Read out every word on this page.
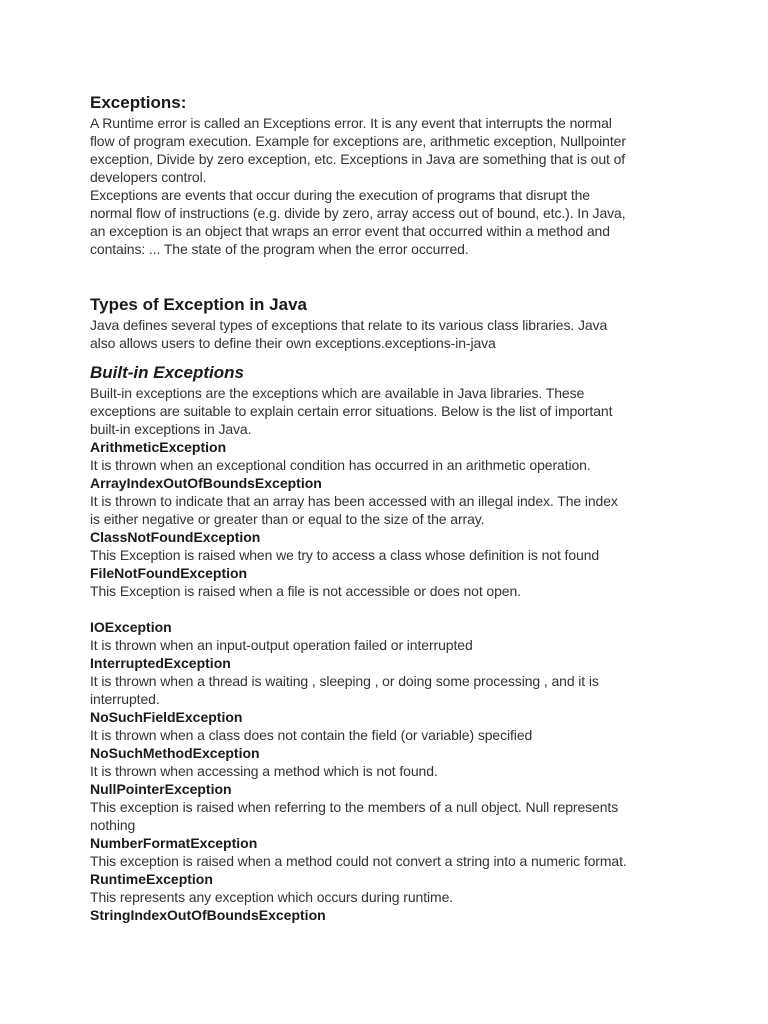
Exceptions:

A Runtime error is called an Exceptions error. It is any event that interrupts the normal

flow of program execution. Example for exceptions are, arithmetic exception, Nullpointer

exception, Divide by zero exception, etc. Exceptions in Java are something that is out of

developers control.

Exceptions are events that occur during the execution of programs that disrupt the

normal flow of instructions (e.g. divide by zero, array access out of bound, etc.). In Java,

an exception is an object that wraps an error event that occurred within a method and

contains: ... The state of the program when the error occurred.

Types of Exception in Java

Java defines several types of exceptions that relate to its various class libraries. Java

also allows users to define their own exceptions.exceptions-in-java

Built-in Exceptions

Built-in exceptions are the exceptions which are available in Java libraries. These

exceptions are suitable to explain certain error situations. Below is the list of important

built-in exceptions in Java.

ArithmeticException

It is thrown when an exceptional condition has occurred in an arithmetic operation.

ArrayIndexOutOfBoundsException

It is thrown to indicate that an array has been accessed with an illegal index. The index

is either negative or greater than or equal to the size of the array.

ClassNotFoundException

This Exception is raised when we try to access a class whose definition is not found

FileNotFoundException

This Exception is raised when a file is not accessible or does not open.

IOException

It is thrown when an input-output operation failed or interrupted

InterruptedException

It is thrown when a thread is waiting , sleeping , or doing some processing , and it is

interrupted.

NoSuchFieldException

It is thrown when a class does not contain the field (or variable) specified

NoSuchMethodException

It is thrown when accessing a method which is not found.

NullPointerException

This exception is raised when referring to the members of a null object. Null represents

nothing

NumberFormatException

This exception is raised when a method could not convert a string into a numeric format.

RuntimeException

This represents any exception which occurs during runtime.

StringIndexOutOfBoundsException
